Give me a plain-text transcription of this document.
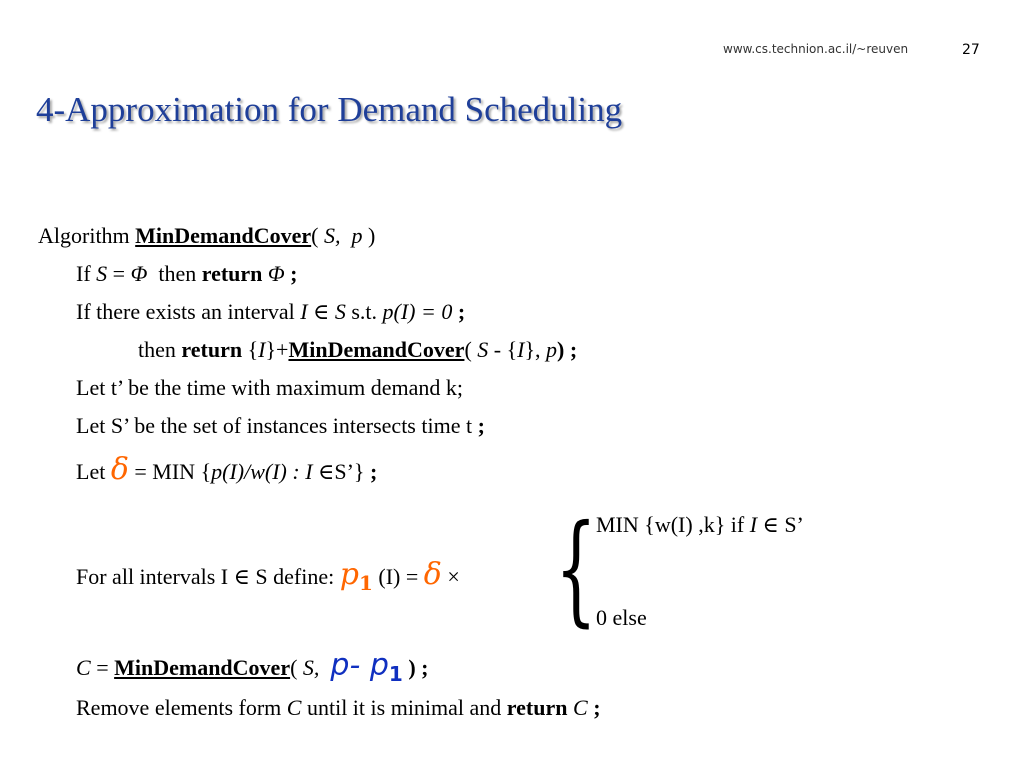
www.cs.technion.ac.il/~reuven	27
4-Approximation for Demand Scheduling
Algorithm MinDemandCover( S, p )
If S = Φ  then return Φ ;
If there exists an interval I ∈ S s.t. p(I) = 0 ;
then return {I}+MinDemandCover( S - {I}, p) ;
Let t’ be the time with maximum demand k;
Let S’ be the set of instances intersects time t ;
Let δ = MIN {p(I)/w(I) : I ∈S’} ;
MIN {w(I) ,k} if I ∈ S’
{
For all intervals I ∈ S define: $p_1$ (I) = δ ×
0 else
C = MinDemandCover( S, p- $p_1$ ) ;
Remove elements form C until it is minimal and return C ;
